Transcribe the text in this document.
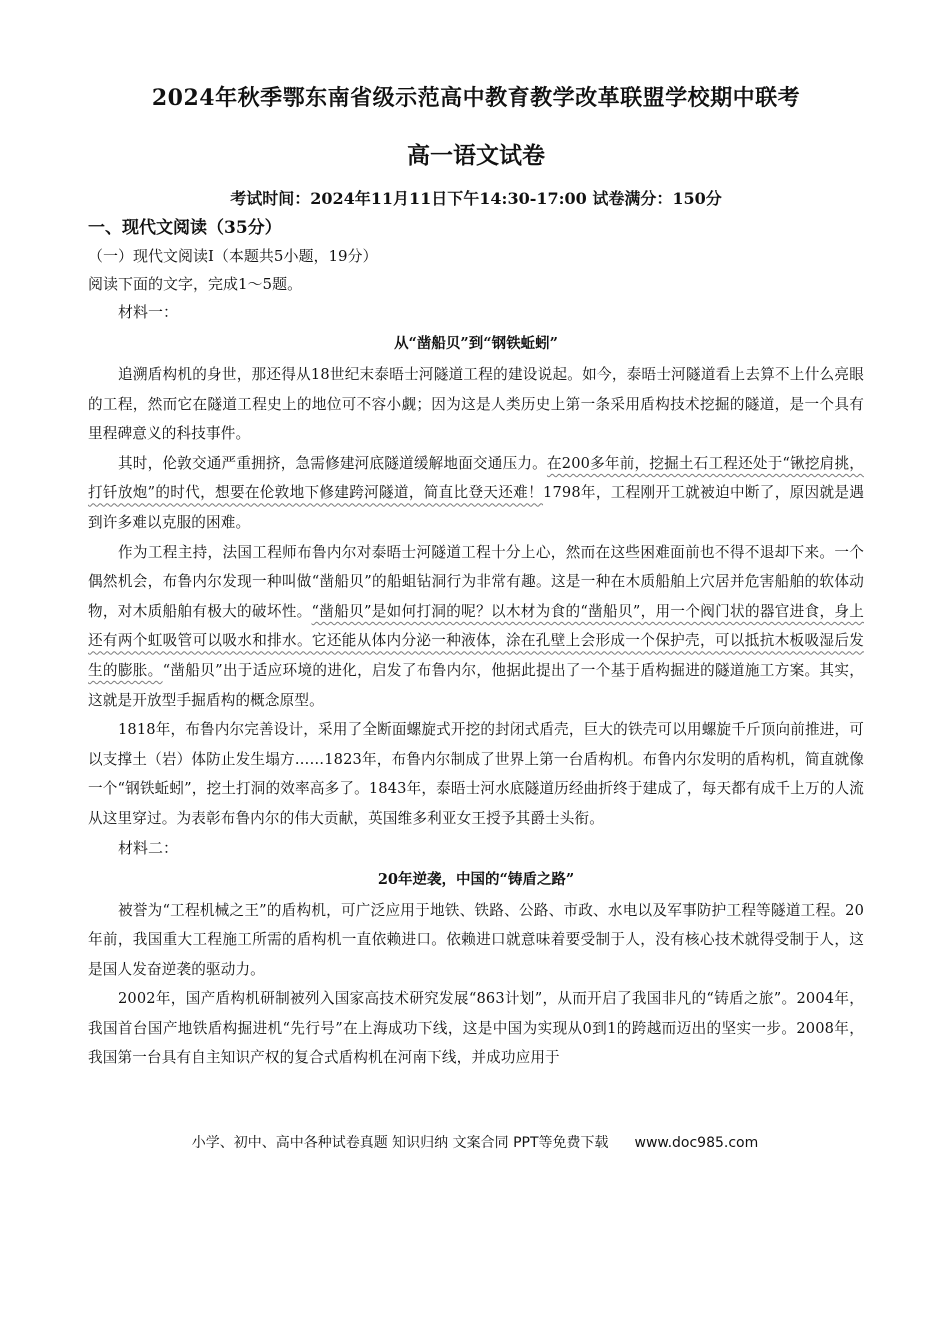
2024年秋季鄂东南省级示范高中教育教学改革联盟学校期中联考
高一语文试卷
考试时间：2024年11月11日下午14:30-17:00 试卷满分：150分
一、现代文阅读（35分）
（一）现代文阅读Ⅰ（本题共5小题，19分）
阅读下面的文字，完成1～5题。
材料一：
从“凿船贝”到“钢铁蚯蚓”

追溯盾构机的身世，那还得从18世纪末泰晤士河隧道工程的建设说起。如今，泰晤士河隧道看上去算不上什么亮眼的工程，然而它在隧道工程史上的地位可不容小觑；因为这是人类历史上第一条采用盾构技术挖掘的隧道，是一个具有里程碑意义的科技事件。

其时，伦敦交通严重拥挤，急需修建河底隧道缓解地面交通压力。在200多年前，挖掘土石工程还处于“锹挖肩挑，打钎放炮”的时代，想要在伦敦地下修建跨河隧道，简直比登天还难！1798年，工程刚开工就被迫中断了，原因就是遇到许多难以克服的困难。

作为工程主持，法国工程师布鲁内尔对泰晤士河隧道工程十分上心，然而在这些困难面前也不得不退却下来。一个偶然机会，布鲁内尔发现一种叫做“凿船贝”的船蛆钻洞行为非常有趣。这是一种在木质船舶上穴居并危害船舶的软体动物，对木质船舶有极大的破坏性。“凿船贝”是如何打洞的呢？以木材为食的“凿船贝”，用一个阀门状的器官进食，身上还有两个虹吸管可以吸水和排水。它还能从体内分泌一种液体，涂在孔壁上会形成一个保护壳，可以抵抗木板吸湿后发生的膨胀。“凿船贝”出于适应环境的进化，启发了布鲁内尔，他据此提出了一个基于盾构掘进的隧道施工方案。其实，这就是开放型手掘盾构的概念原型。

1818年，布鲁内尔完善设计，采用了全断面螺旋式开挖的封闭式盾壳，巨大的铁壳可以用螺旋千斤顶向前推进，可以支撑土（岩）体防止发生塌方……1823年，布鲁内尔制成了世界上第一台盾构机。布鲁内尔发明的盾构机，简直就像一个“钢铁蚯蚓”，挖土打洞的效率高多了。1843年，泰晤士河水底隧道历经曲折终于建成了，每天都有成千上万的人流从这里穿过。为表彰布鲁内尔的伟大贡献，英国维多利亚女王授予其爵士头衔。

材料二：
20年逆袭，中国的“铸盾之路”

被誉为“工程机械之王”的盾构机，可广泛应用于地铁、铁路、公路、市政、水电以及军事防护工程等隧道工程。20年前，我国重大工程施工所需的盾构机一直依赖进口。依赖进口就意味着要受制于人，没有核心技术就得受制于人，这是国人发奋逆袭的驱动力。

2002年，国产盾构机研制被列入国家高技术研究发展“863计划”，从而开启了我国非凡的“铸盾之旅”。2004年，我国首台国产地铁盾构掘进机“先行号”在上海成功下线，这是中国为实现从0到1的跨越而迈出的坚实一步。2008年，我国第一台具有自主知识产权的复合式盾构机在河南下线，并成功应用于

小学、初中、高中各种试卷真题 知识归纳 文案合同 PPT等免费下载 www.doc985.com
